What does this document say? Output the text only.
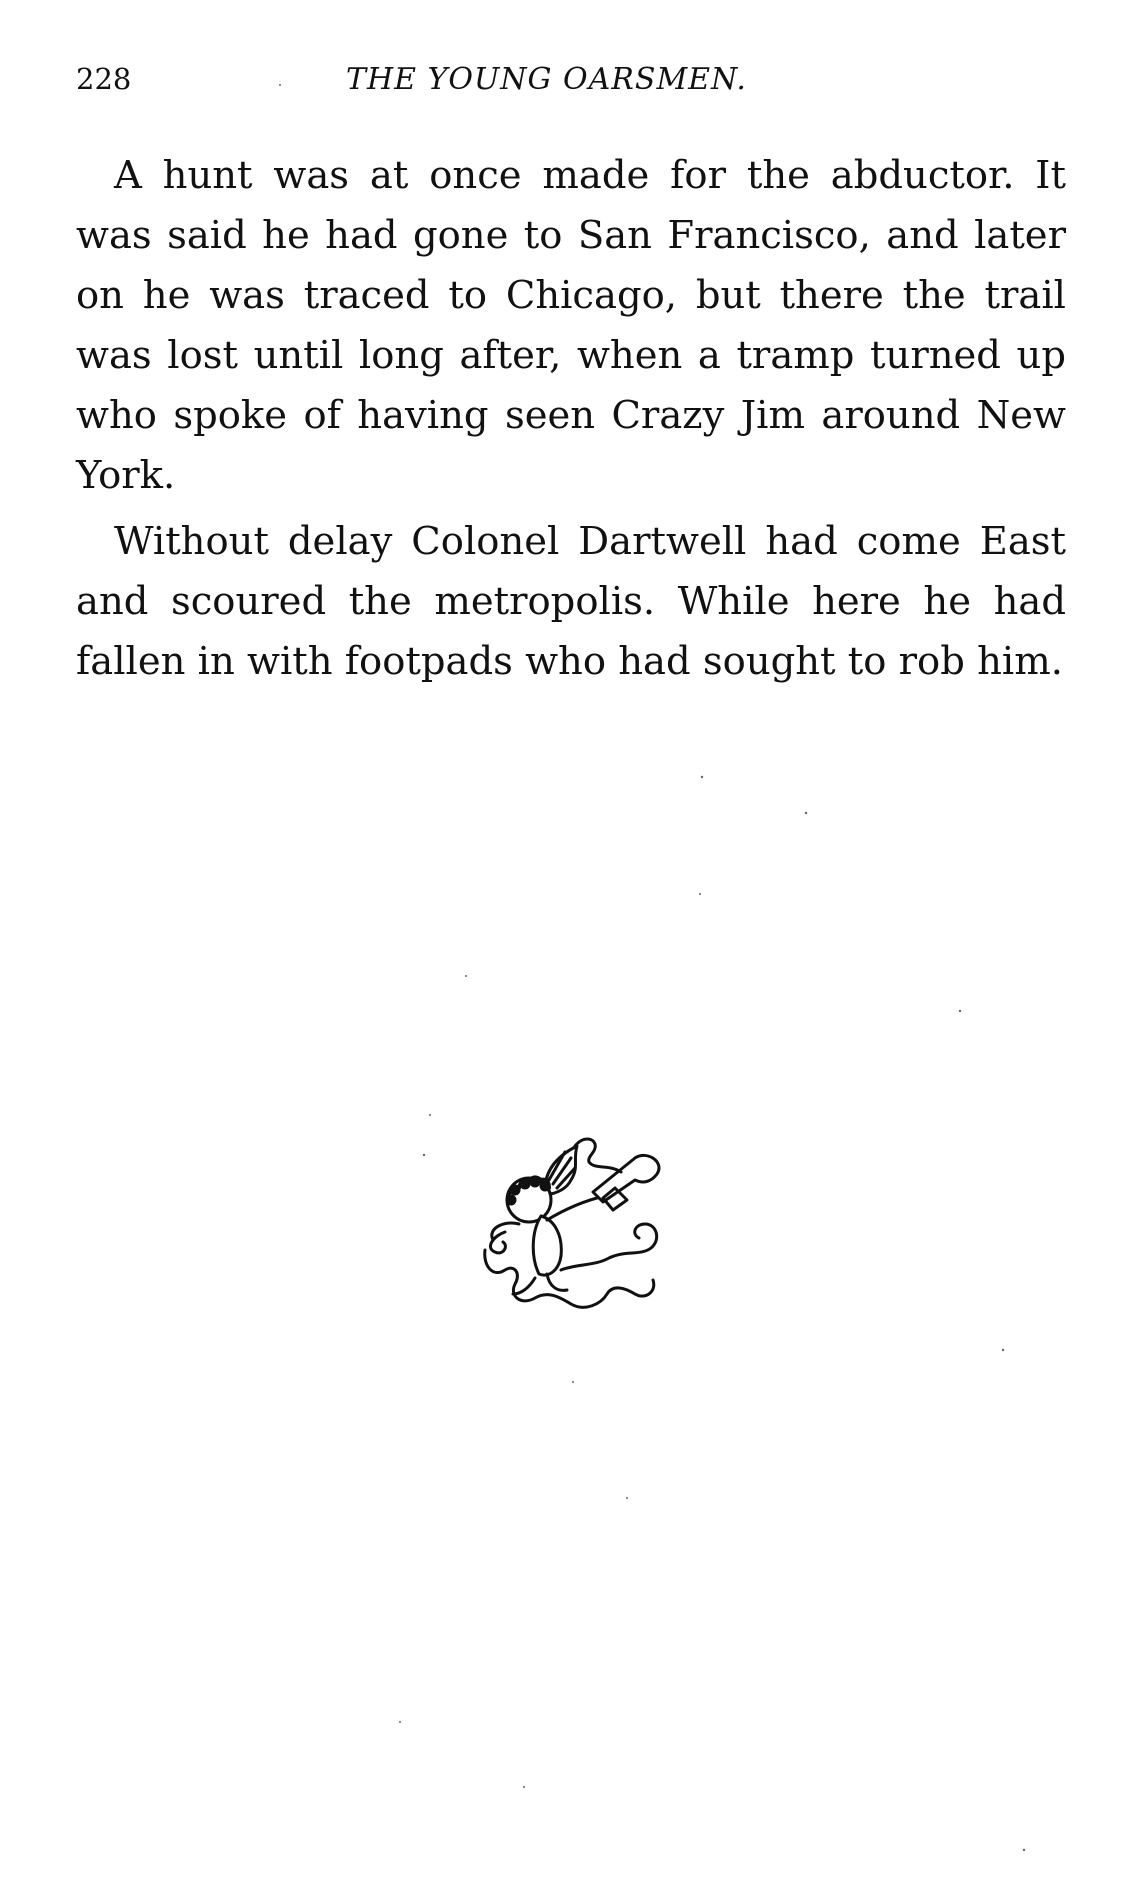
228	THE YOUNG OARSMEN.

A hunt was at once made for the abductor. It was said he had gone to San Francisco, and later on he was traced to Chicago, but there the trail was lost until long after, when a tramp turned up who spoke of having seen Crazy Jim around New York.

Without delay Colonel Dartwell had come East and scoured the metropolis. While here he had fallen in with footpads who had sought to rob him.
